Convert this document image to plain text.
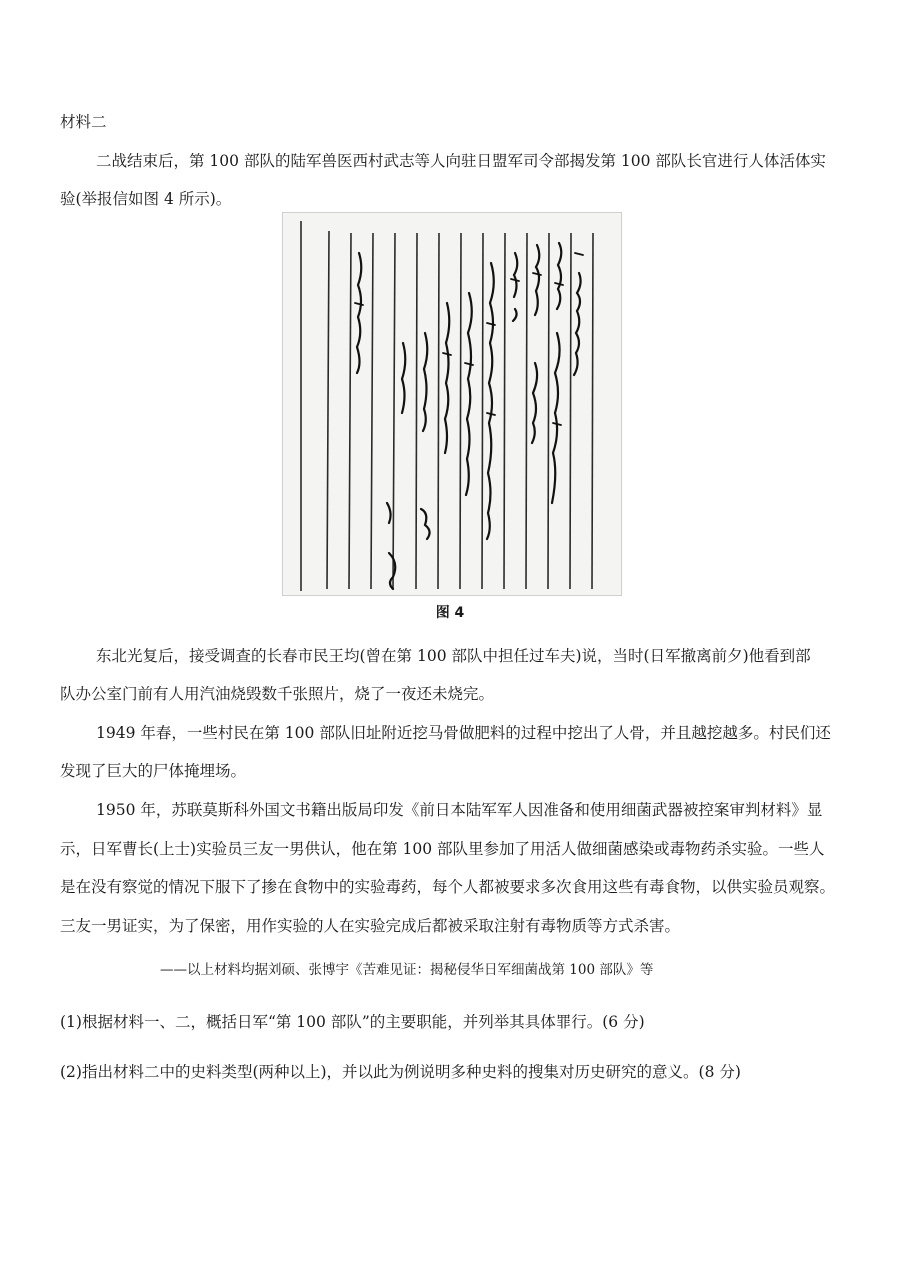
材料二
二战结束后，第 100 部队的陆军兽医西村武志等人向驻日盟军司令部揭发第 100 部队长官进行人体活体实
验(举报信如图 4 所示)。
图 4
东北光复后，接受调查的长春市民王均(曾在第 100 部队中担任过车夫)说，当时(日军撤离前夕)他看到部
队办公室门前有人用汽油烧毁数千张照片，烧了一夜还未烧完。
1949 年春，一些村民在第 100 部队旧址附近挖马骨做肥料的过程中挖出了人骨，并且越挖越多。村民们还
发现了巨大的尸体掩埋场。
1950 年，苏联莫斯科外国文书籍出版局印发《前日本陆军军人因准备和使用细菌武器被控案审判材料》显
示，日军曹长(上士)实验员三友一男供认，他在第 100 部队里参加了用活人做细菌感染或毒物药杀实验。一些人
是在没有察觉的情况下服下了掺在食物中的实验毒药，每个人都被要求多次食用这些有毒食物，以供实验员观察。
三友一男证实，为了保密，用作实验的人在实验完成后都被采取注射有毒物质等方式杀害。
——以上材料均据刘硕、张博宇《苦难见证：揭秘侵华日军细菌战第 100 部队》等
(1)根据材料一、二，概括日军“第 100 部队”的主要职能，并列举其具体罪行。(6 分)
(2)指出材料二中的史料类型(两种以上)，并以此为例说明多种史料的搜集对历史研究的意义。(8 分)
